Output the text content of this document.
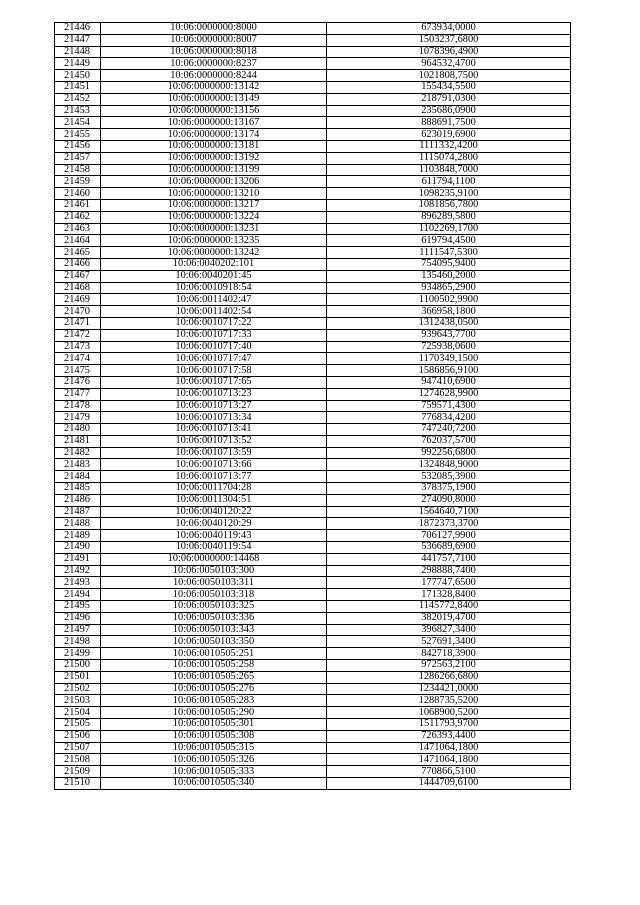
21446	10:06:0000000:8000	673934,0000
21447	10:06:0000000:8007	1503237,6800
21448	10:06:0000000:8018	1078396,4900
21449	10:06:0000000:8237	964532,4700
21450	10:06:0000000:8244	1021808,7500
21451	10:06:0000000:13142	155434,5500
21452	10:06:0000000:13149	218791,0300
21453	10:06:0000000:13156	235686,0900
21454	10:06:0000000:13167	888691,7500
21455	10:06:0000000:13174	623019,6900
21456	10:06:0000000:13181	1111332,4200
21457	10:06:0000000:13192	1115074,2800
21458	10:06:0000000:13199	1103848,7000
21459	10:06:0000000:13206	611794,1100
21460	10:06:0000000:13210	1098235,9100
21461	10:06:0000000:13217	1081856,7800
21462	10:06:0000000:13224	896289,5800
21463	10:06:0000000:13231	1102269,1700
21464	10:06:0000000:13235	619794,4500
21465	10:06:0000000:13242	1111547,5300
21466	10:06:0040202:101	754095,9400
21467	10:06:0040201:45	135460,2000
21468	10:06:0010918:54	934865,2900
21469	10:06:0011402:47	1100502,9900
21470	10:06:0011402:54	366958,1800
21471	10:06:0010717:22	1312438,0500
21472	10:06:0010717:33	939643,7700
21473	10:06:0010717:40	725938,0600
21474	10:06:0010717:47	1170349,1500
21475	10:06:0010717:58	1586856,9100
21476	10:06:0010717:65	947410,6900
21477	10:06:0010713:23	1274628,9900
21478	10:06:0010713:27	759571,4300
21479	10:06:0010713:34	776834,4200
21480	10:06:0010713:41	747240,7200
21481	10:06:0010713:52	762037,5700
21482	10:06:0010713:59	992256,6800
21483	10:06:0010713:66	1324848,9000
21484	10:06:0010713:77	532085,3900
21485	10:06:0011704:28	378375,1900
21486	10:06:0011304:51	274090,8000
21487	10:06:0040120:22	1564640,7100
21488	10:06:0040120:29	1872373,3700
21489	10:06:0040119:43	706127,9900
21490	10:06:0040119:54	536689,6900
21491	10:06:0000000:14468	441757,7100
21492	10:06:0050103:300	298888,7400
21493	10:06:0050103:311	177747,6500
21494	10:06:0050103:318	171328,8400
21495	10:06:0050103:325	1145772,8400
21496	10:06:0050103:336	382019,4700
21497	10:06:0050103:343	396827,3400
21498	10:06:0050103:350	527691,3400
21499	10:06:0010505:251	842718,3900
21500	10:06:0010505:258	972563,2100
21501	10:06:0010505:265	1286266,6800
21502	10:06:0010505:276	1234421,0000
21503	10:06:0010505:283	1288735,5200
21504	10:06:0010505:290	1068900,5200
21505	10:06:0010505:301	1511793,9700
21506	10:06:0010505:308	726393,4400
21507	10:06:0010505:315	1471064,1800
21508	10:06:0010505:326	1471064,1800
21509	10:06:0010505:333	770866,5100
21510	10:06:0010505:340	1444709,6100
